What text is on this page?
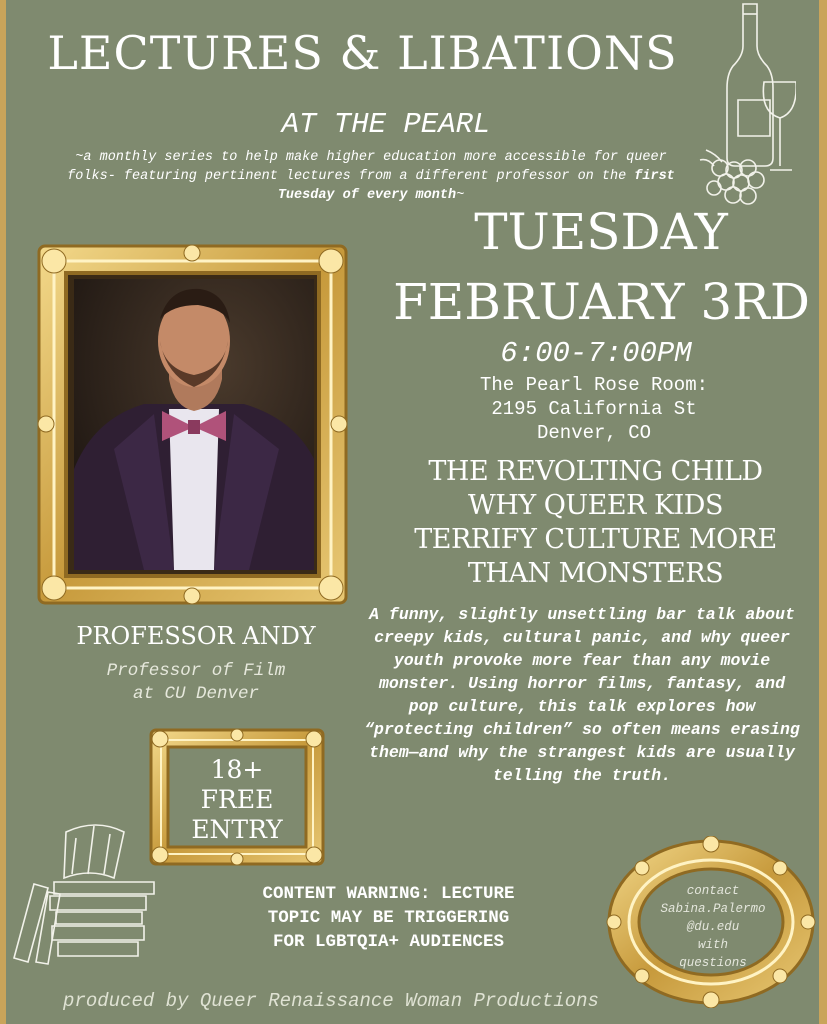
LECTURES & LIBATIONS
AT THE PEARL
~a monthly series to help make higher education more accessible for queer folks- featuring pertinent lectures from a different professor on the first Tuesday of every month~
TUESDAY
FEBRUARY 3RD
6:00-7:00PM
The Pearl Rose Room:
2195 California St
Denver, CO
PROFESSOR ANDY
Professor of Film
at CU Denver
THE REVOLTING CHILD
WHY QUEER KIDS
TERRIFY CULTURE MORE
THAN MONSTERS
A funny, slightly unsettling bar talk about creepy kids, cultural panic, and why queer youth provoke more fear than any movie monster. Using horror films, fantasy, and pop culture, this talk explores how “protecting children” so often means erasing them—and why the strangest kids are usually telling the truth.
18+
FREE
ENTRY
CONTENT WARNING: LECTURE
TOPIC MAY BE TRIGGERING
FOR LGBTQIA+ AUDIENCES
contact
Sabina.Palermo
@du.edu
with
questions
produced by Queer Renaissance Woman Productions
